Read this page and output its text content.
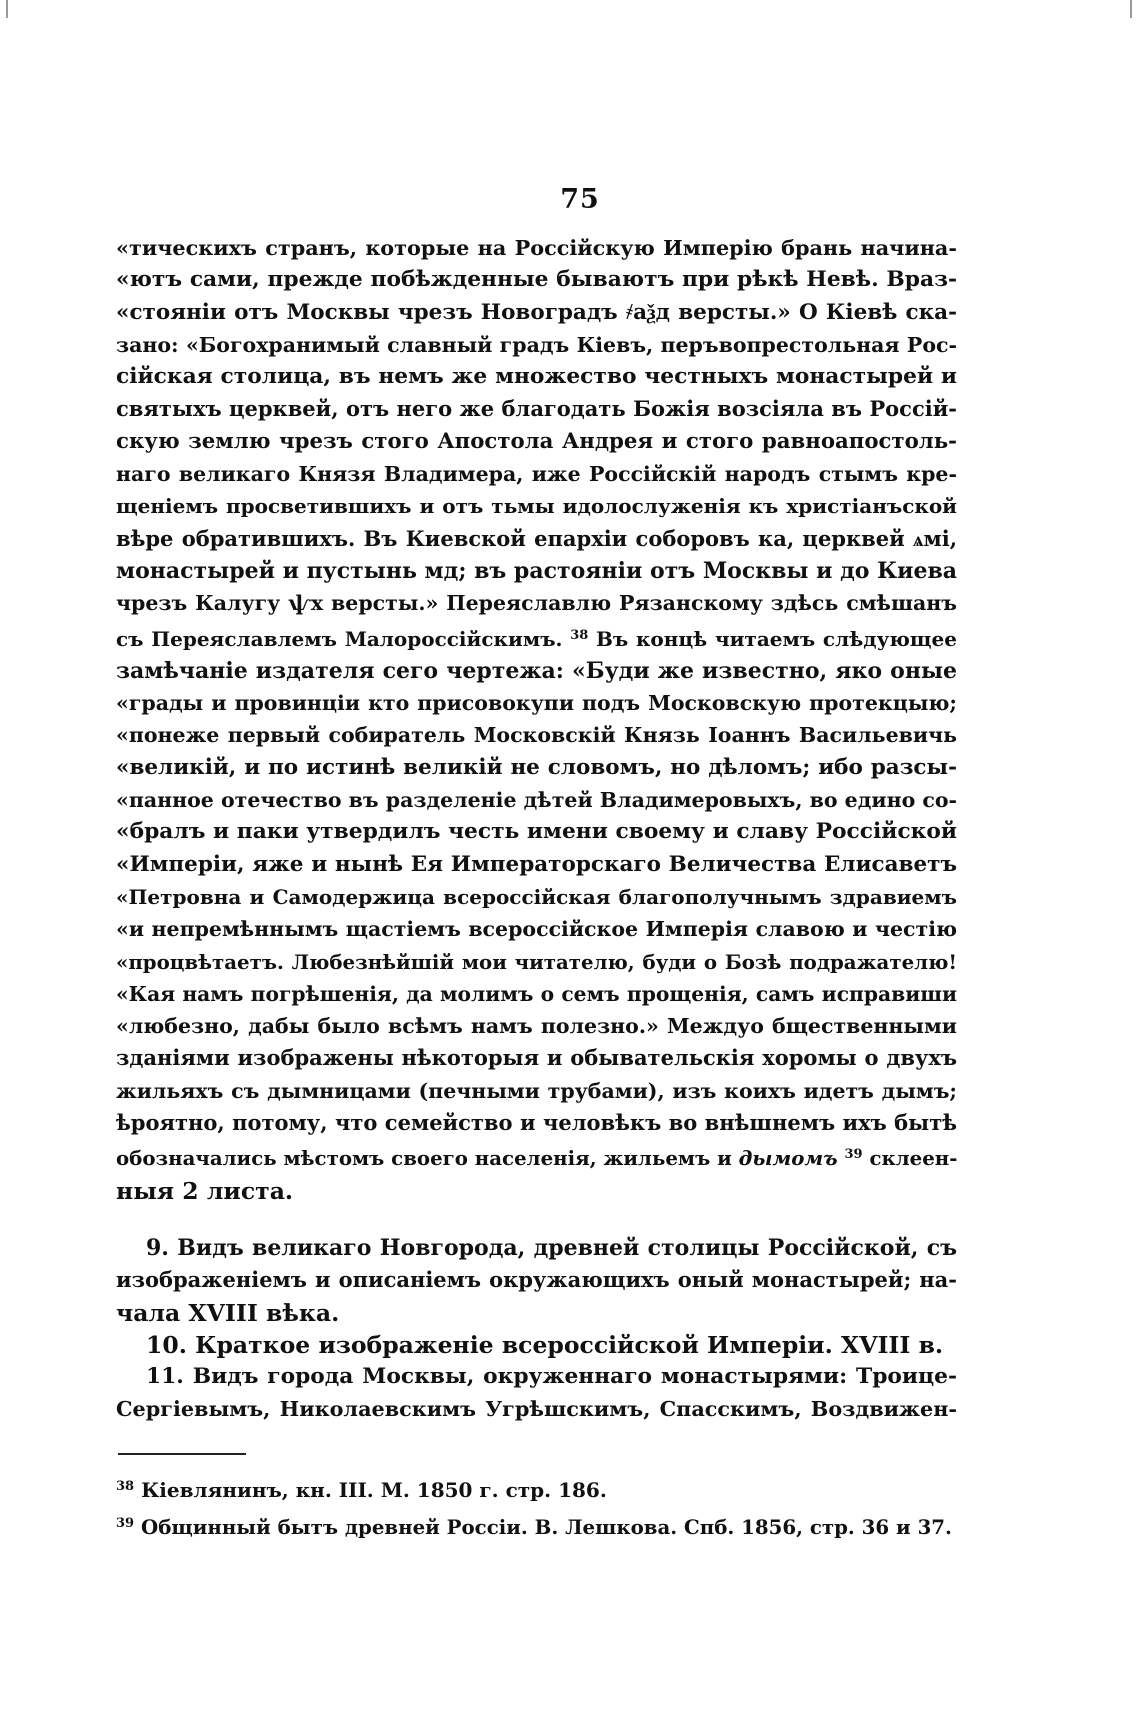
75
«тическихъ странъ, которые на Россійскую Имперію брань начина-
«ютъ сами, прежде побѣжденные бываютъ при рѣкѣ Невѣ. Враз-
«стояніи отъ Москвы чрезъ Новоградъ ҂аѯд версты.» О Кіевѣ ска-
зано: «Богохранимый славный градъ Кіевъ, перъвопрестольная Рос-
сійская столица, въ немъ же множество честныхъ монастырей и
святыхъ церквей, отъ него же благодать Божія возсіяла въ Россій-
скую землю чрезъ стого Апостола Андрея и стого равноапостоль-
наго великаго Князя Владимера, иже Россійскій народъ стымъ кре-
щеніемъ просветившихъ и отъ тьмы идолослуженія къ христіанъской
вѣре обратившихъ. Въ Киевской епархіи соборовъ ка, церквей ѧмі,
монастырей и пустынь мд; въ растояніи отъ Москвы и до Киева
чрезъ Калугу ѱх версты.» Переяславлю Рязанскому здѣсь смѣшанъ
съ Переяславлемъ Малороссійскимъ. $^{38}$ Въ концѣ читаемъ слѣдующее
замѣчаніе издателя сего чертежа: «Буди же известно, яко оные
«грады и провинціи кто присовокупи подъ Московскую протекцыю;
«понеже первый собиратель Московскій Князь Іоаннъ Васильевичь
«великій, и по истинѣ великій не словомъ, но дѣломъ; ибо разсы-
«панное отечество въ разделеніе дѣтей Владимеровыхъ, во едино со-
«бралъ и паки утвердилъ честь имени своему и славу Россійской
«Имперіи, яже и нынѣ Ея Императорскаго Величества Елисаветъ
«Петровна и Самодержица всероссійская благополучнымъ здравиемъ
«и непремѣннымъ щастіемъ всероссійское Имперія славою и честію
«процвѣтаетъ. Любезнѣйшій мои читателю, буди о Бозѣ подражателю!
«Кая намъ погрѣшенія, да молимъ о семъ прощенія, самъ исправиши
«любезно, дабы было всѣмъ намъ полезно.» Междуо бщественными
зданіями изображены нѣкоторыя и обывательскія хоромы о двухъ
жильяхъ съ дымницами (печными трубами), изъ коихъ идетъ дымъ;
ѣроятно, потому, что семейство и человѣкъ во внѣшнемъ ихъ бытѣ
обозначались мѣстомъ своего населенія, жильемъ и дымомъ $^{39}$ склеен-
ныя 2 листа.
9. Видъ великаго Новгорода, древней столицы Россійской, съ
изображеніемъ и описаніемъ окружающихъ оный монастырей; на-
чала XVIII вѣка.
10. Краткое изображеніе всероссійской Имперіи. XVIII в.
11. Видъ города Москвы, окруженнаго монастырями: Троице-
Сергіевымъ, Николаевскимъ Угрѣшскимъ, Спасскимъ, Воздвижен-
$^{38}$ Кіевлянинъ, кн. III. М. 1850 г. стр. 186.
$^{39}$ Общинный бытъ древней Россіи. В. Лешкова. Спб. 1856, стр. 36 и 37.
